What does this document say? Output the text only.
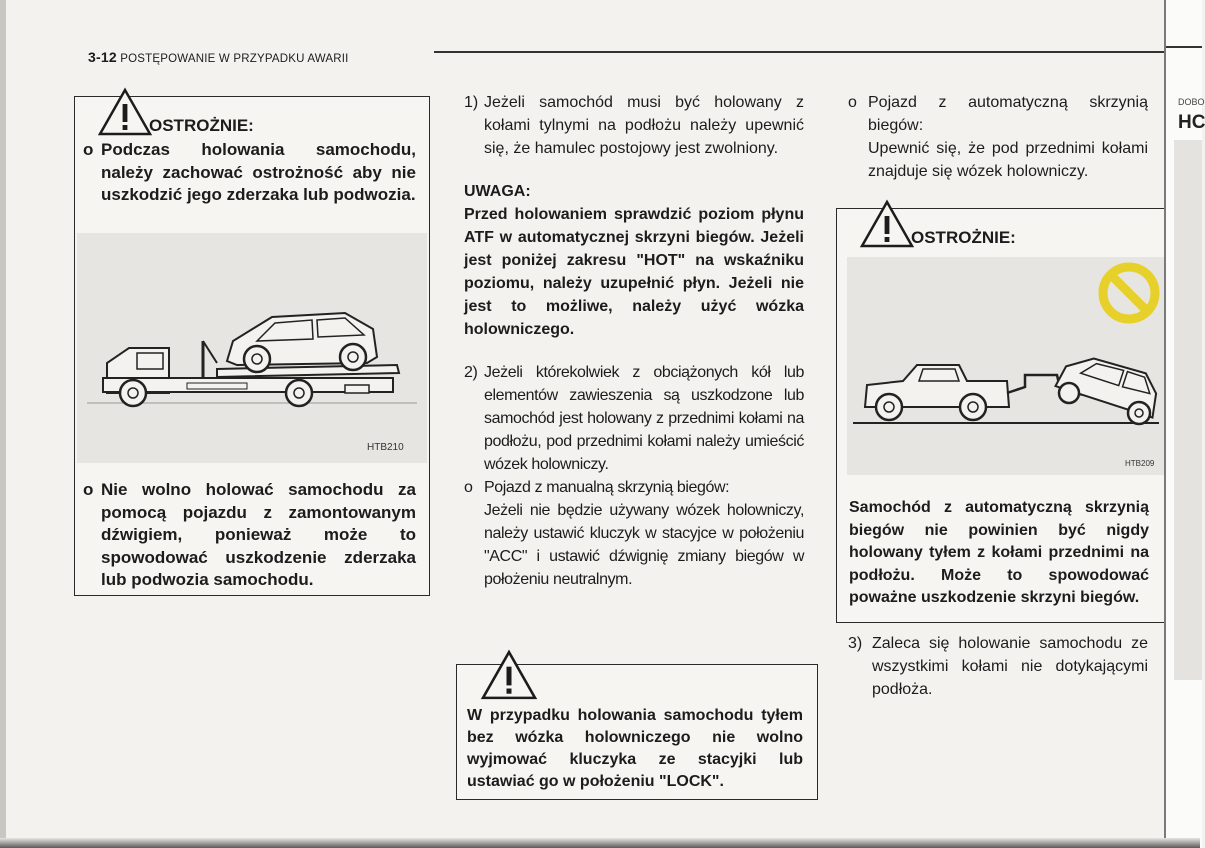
3-12 POSTĘPOWANIE W PRZYPADKU AWARII
OSTROŻNIE:
o Podczas holowania samochodu, należy zachować ostrożność aby nie uszkodzić jego zderzaka lub podwozia.
HTB210
o Nie wolno holować samochodu za pomocą pojazdu z zamontowanym dźwigiem, ponieważ może to spowodować uszkodzenie zderzaka lub podwozia samochodu.
1) Jeżeli samochód musi być holowany z kołami tylnymi na podłożu należy upewnić się, że hamulec postojowy jest zwolniony.
UWAGA:
Przed holowaniem sprawdzić poziom płynu ATF w automatycznej skrzyni biegów. Jeżeli jest poniżej zakresu "HOT" na wskaźniku poziomu, należy uzupełnić płyn. Jeżeli nie jest to możliwe, należy użyć wózka holowniczego.
2) Jeżeli którekolwiek z obciążonych kół lub elementów zawieszenia są uszkodzone lub samochód jest holowany z przednimi kołami na podłożu, pod przednimi kołami należy umieścić wózek holowniczy.
o Pojazd z manualną skrzynią biegów:
Jeżeli nie będzie używany wózek holowniczy, należy ustawić kluczyk w stacyjce w położeniu "ACC" i ustawić dźwignię zmiany biegów w położeniu neutralnym.
W przypadku holowania samochodu tyłem bez wózka holowniczego nie wolno wyjmować kluczyka ze stacyjki lub ustawiać go w położeniu "LOCK".
o Pojazd z automatyczną skrzynią biegów:
Upewnić się, że pod przednimi kołami znajduje się wózek holowniczy.
OSTROŻNIE:
HTB209
Samochód z automatyczną skrzynią biegów nie powinien być nigdy holowany tyłem z kołami przednimi na podłożu. Może to spowodować poważne uszkodzenie skrzyni biegów.
3) Zaleca się holowanie samochodu ze wszystkimi kołami nie dotykającymi podłoża.
DOBO
HC
